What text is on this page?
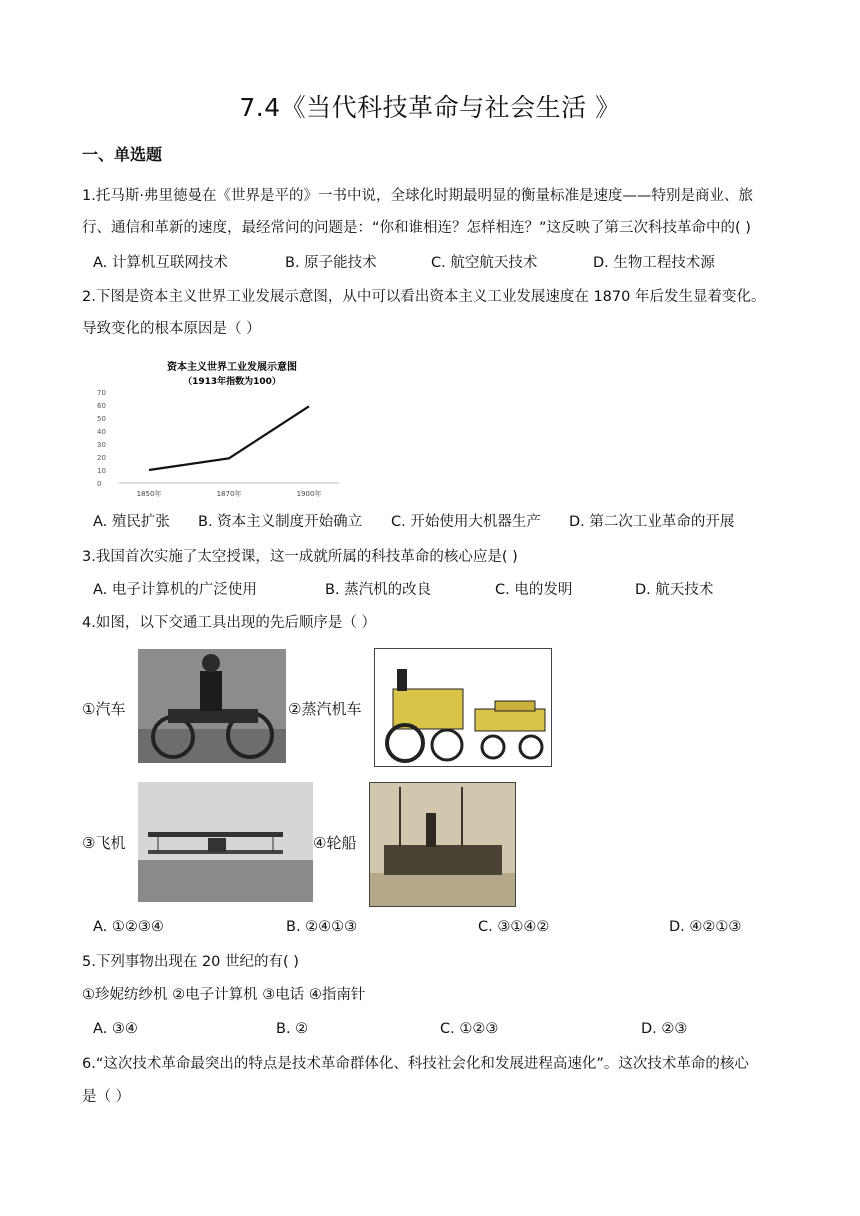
7.4《当代科技革命与社会生活 》
一、单选题
1.托马斯·弗里德曼在《世界是平的》一书中说，全球化时期最明显的衡量标准是速度——特别是商业、旅
行、通信和革新的速度，最经常问的问题是：“你和谁相连？怎样相连？”这反映了第三次科技革命中的( )
A. 计算机互联网技术	B. 原子能技术	C. 航空航天技术	D. 生物工程技术源
2.下图是资本主义世界工业发展示意图，从中可以看出资本主义工业发展速度在 1870 年后发生显着变化。
导致变化的根本原因是（ ）
资本主义世界工业发展示意图
（1913年指数为100）
0
10
20
30
40
50
60
70
1850年	1870年	1900年
A. 殖民扩张 B. 资本主义制度开始确立 C. 开始使用大机器生产 D. 第二次工业革命的开展
3.我国首次实施了太空授课，这一成就所属的科技革命的核心应是( )
A. 电子计算机的广泛使用	B. 蒸汽机的改良	C. 电的发明	D. 航天技术
4.如图，以下交通工具出现的先后顺序是（ ）
①汽车	②蒸汽机车
③飞机	④轮船
A. ①②③④	B. ②④①③	C. ③①④②	D. ④②①③
5.下列事物出现在 20 世纪的有( )
①珍妮纺纱机 ②电子计算机 ③电话 ④指南针
A. ③④	B. ②	C. ①②③	D. ②③
6.“这次技术革命最突出的特点是技术革命群体化、科技社会化和发展进程高速化”。这次技术革命的核心
是（ ）
